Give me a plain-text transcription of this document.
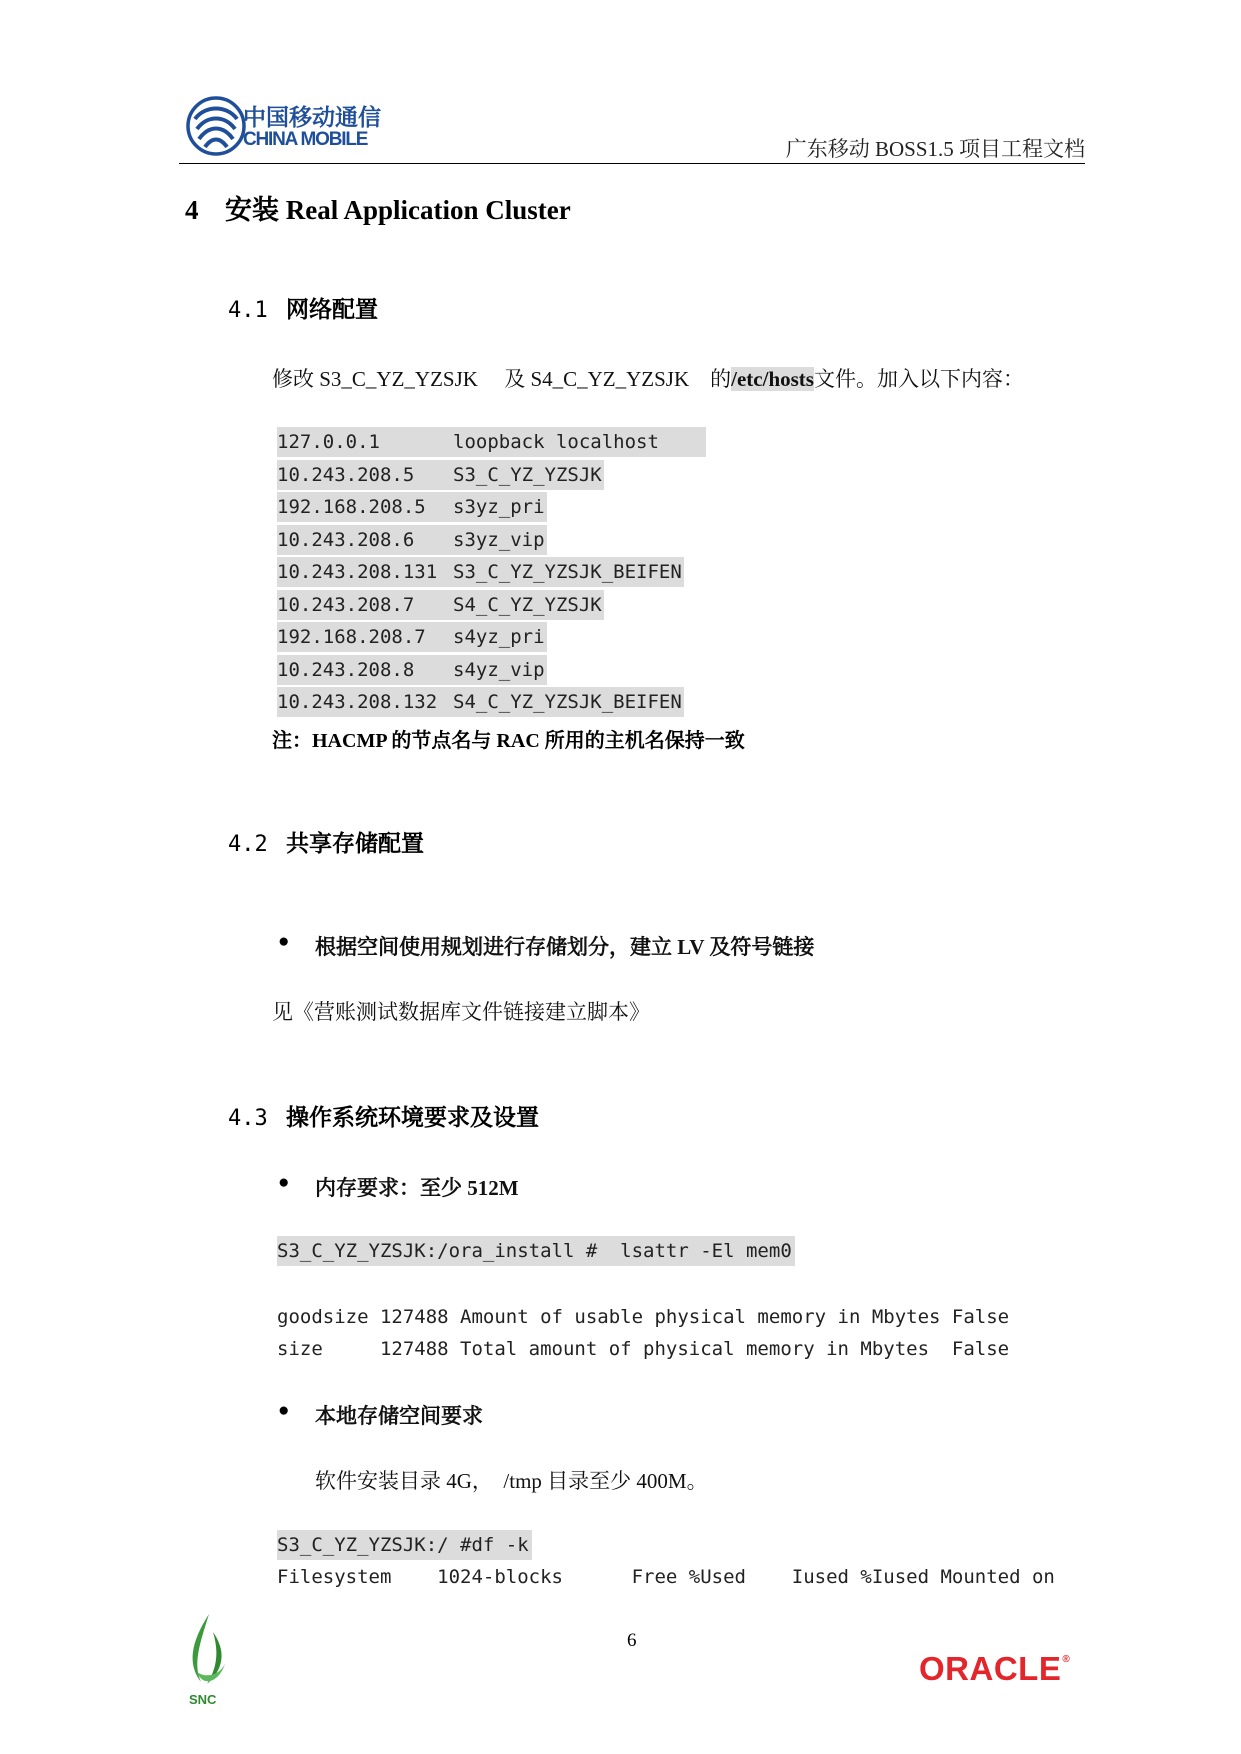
中国移动通信
CHINA MOBILE	广东移动 BOSS1.5 项目工程文档
4 安装 Real Application Cluster
4.1 网络配置
修改 S3_C_YZ_YZSJK　 及 S4_C_YZ_YZSJK　的/etc/hosts文件。加入以下内容：
127.0.0.1	loopback localhost
10.243.208.5 S3_C_YZ_YZSJK
192.168.208.5 s3yz_pri
10.243.208.6 s3yz_vip
10.243.208.131 S3_C_YZ_YZSJK_BEIFEN
10.243.208.7 S4_C_YZ_YZSJK
192.168.208.7 s4yz_pri
10.243.208.8 s4yz_vip
10.243.208.132 S4_C_YZ_YZSJK_BEIFEN
注：HACMP 的节点名与 RAC 所用的主机名保持一致
4.2 共享存储配置
● 根据空间使用规划进行存储划分，建立 LV 及符号链接
见《营账测试数据库文件链接建立脚本》
4.3 操作系统环境要求及设置
● 内存要求：至少 512M
S3_C_YZ_YZSJK:/ora_install #  lsattr -El mem0
goodsize 127488 Amount of usable physical memory in Mbytes False
size     127488 Total amount of physical memory in Mbytes  False
● 本地存储空间要求
软件安装目录 4G，  /tmp 目录至少 400M。
S3_C_YZ_YZSJK:/ #df -k
Filesystem    1024-blocks      Free %Used    Iused %Iused Mounted on
SNC
6
ORACLE®
